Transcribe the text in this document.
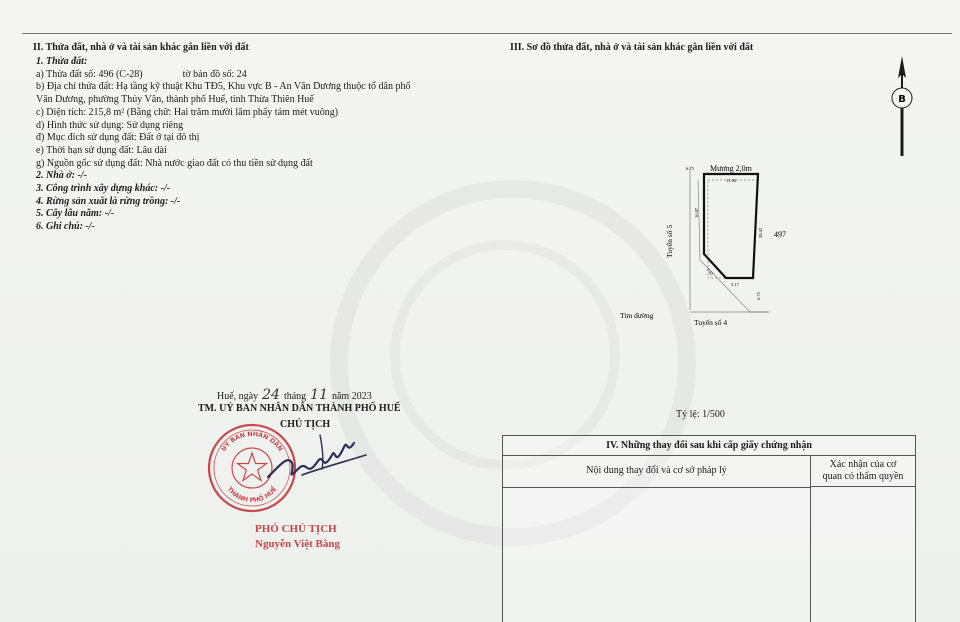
II. Thửa đất, nhà ở và tài sản khác gắn liền với đất
1. Thửa đất:
a) Thửa đất số: 496 (C-28)	tờ bản đồ số: 24
b) Địa chỉ thửa đất: Hạ tầng kỹ thuật Khu TĐ5, Khu vực B - An Vân Dương thuộc tổ dân phố
Vân Dương, phường Thủy Vân, thành phố Huế, tỉnh Thừa Thiên Huế
c) Diện tích: 215,8 m² (Bằng chữ: Hai trăm mười lăm phẩy tám mét vuông)
d) Hình thức sử dụng: Sử dụng riêng
đ) Mục đích sử dụng đất: Đất ở tại đô thị
e) Thời hạn sử dụng đất: Lâu dài
g) Nguồn gốc sử dụng đất: Nhà nước giao đất có thu tiền sử dụng đất
2. Nhà ở: -/-
3. Công trình xây dựng khác: -/-
4. Rừng sản xuất là rừng trồng: -/-
5. Cây lâu năm: -/-
6. Ghi chú: -/-
Huế, ngày 24 tháng 11 năm 2023
TM. UỶ BAN NHÂN DÂN THÀNH PHỐ HUẾ
CHỦ TỊCH
ỦY BAN NHÂN DÂN
THÀNH PHỐ HUẾ
PHÓ CHỦ TỊCH
Nguyễn Việt Bằng
III. Sơ đồ thửa đất, nhà ở và tài sản khác gắn liền với đất
B
Mương 2,0m
6.75
11.00
16.07
20.42
7.42
5.17
6.75
Tuyến số 5
Tim đường
Tuyến số 4
497
Tỷ lệ: 1/500
IV. Những thay đổi sau khi cấp giấy chứng nhận
Nội dung thay đổi và cơ sở pháp lý
Xác nhận của cơ
quan có thẩm quyền
